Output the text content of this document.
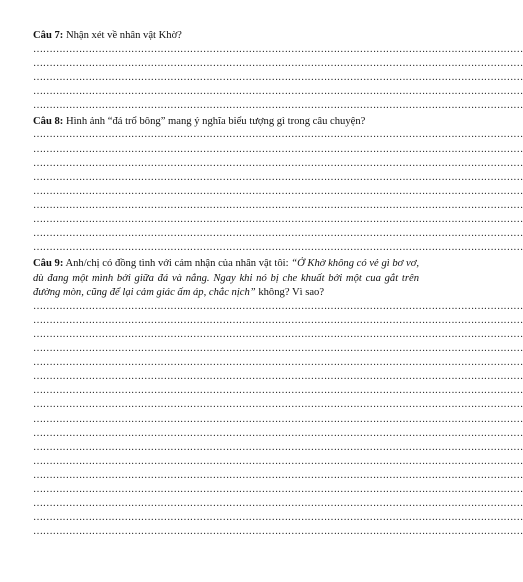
Câu 7: Nhận xét về nhân vật Khờ?
……………………………………………………………………………………………………………………………………
……………………………………………………………………………………………………………………………………
……………………………………………………………………………………………………………………………………
……………………………………………………………………………………………………………………………………
……………………………………………………………………………………………………………………………………
Câu 8: Hình ảnh “đá trổ bông” mang ý nghĩa biểu tượng gì trong câu chuyện?
……………………………………………………………………………………………………………………………………
……………………………………………………………………………………………………………………………………
……………………………………………………………………………………………………………………………………
……………………………………………………………………………………………………………………………………
……………………………………………………………………………………………………………………………………
……………………………………………………………………………………………………………………………………
……………………………………………………………………………………………………………………………………
……………………………………………………………………………………………………………………………………
……………………………………………………………………………………………………………………………………
Câu 9: Anh/chị có đồng tình với cảm nhận của nhân vật tôi: “Ở Khờ không có vẻ gì bơ vơ, dù đang một mình bởi giữa đá và nắng. Ngay khi nó bị che khuất bởi một cua gắt trên đường mòn, cũng để lại cảm giác ấm áp, chắc nịch” không? Vì sao?
……………………………………………………………………………………………………………………………………
……………………………………………………………………………………………………………………………………
……………………………………………………………………………………………………………………………………
……………………………………………………………………………………………………………………………………
……………………………………………………………………………………………………………………………………
……………………………………………………………………………………………………………………………………
……………………………………………………………………………………………………………………………………
……………………………………………………………………………………………………………………………………
……………………………………………………………………………………………………………………………………
……………………………………………………………………………………………………………………………………
……………………………………………………………………………………………………………………………………
……………………………………………………………………………………………………………………………………
……………………………………………………………………………………………………………………………………
……………………………………………………………………………………………………………………………………
……………………………………………………………………………………………………………………………………
……………………………………………………………………………………………………………………………………
……………………………………………………………………………………………………………………………………
